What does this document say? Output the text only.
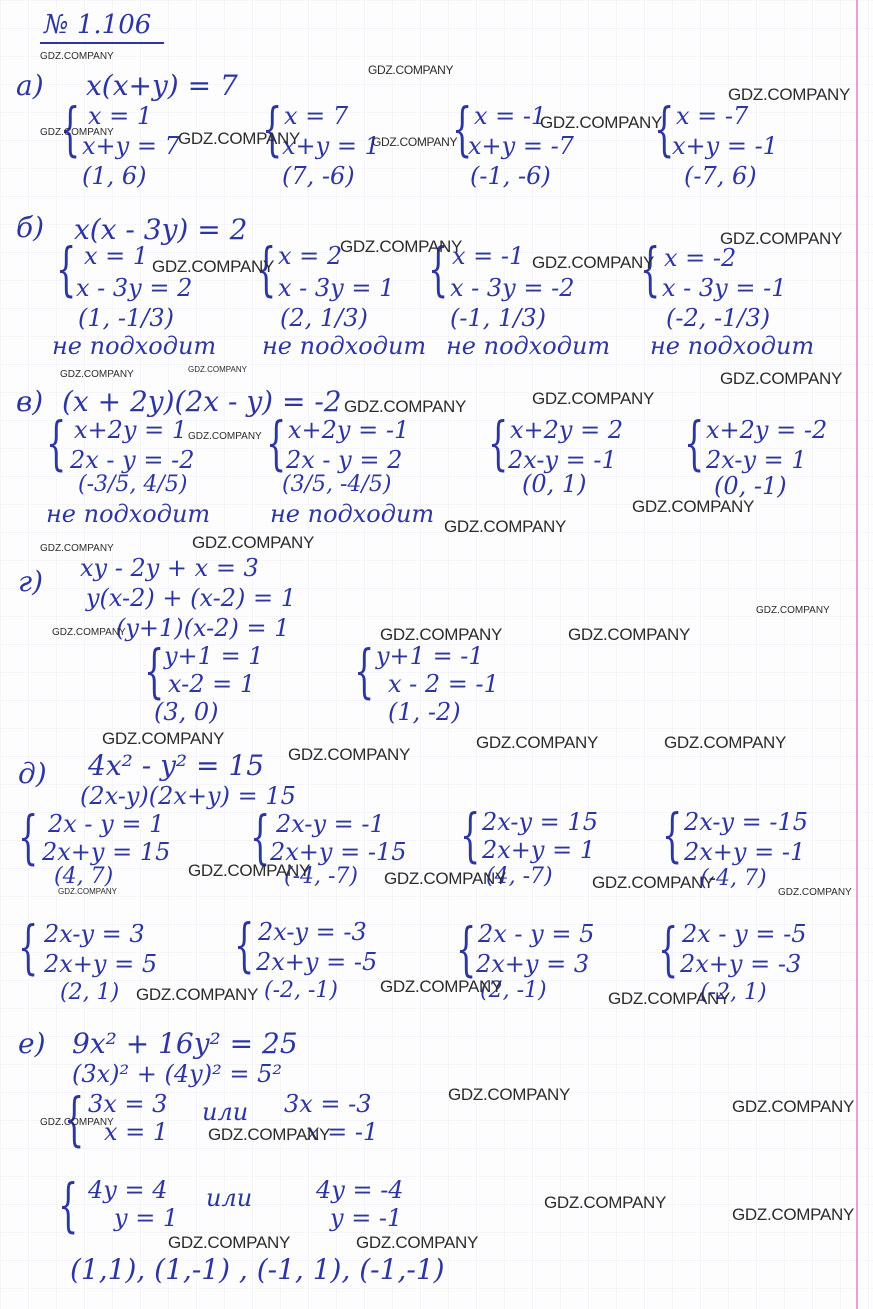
№ 1.106
а) x(x+y) = 7
{ x = 1
x+y = 7
(1, 6)
{ x = 7
x+y = 1
(7, -6)
{ x = -1
x+y = -7
(-1, -6)
{ x = -7
x+y = -1
(-7, 6)
б) x(x - 3y) = 2
{ x = 1
x - 3y = 2
(1, -1/3)
{ x = 2
x - 3y = 1
(2, 1/3)
{ x = -1
x - 3y = -2
(-1, 1/3)
{ x = -2
x - 3y = -1
(-2, -1/3)
не подходит не подходит не подходит не подходит
в) (x + 2y)(2x - y) = -2
{ x+2y = 1
2x - y = -2
(-3/5, 4/5)
{ x+2y = -1
2x - y = 2
(3/5, -4/5)
{ x+2y = 2
2x-y = -1
(0, 1)
{ x+2y = -2
2x-y = 1
(0, -1)
не подходит не подходит
г) xy - 2y + x = 3
y(x-2) + (x-2) = 1
(y+1)(x-2) = 1
{ y+1 = 1
x-2 = 1
(3, 0)
{ y+1 = -1
x - 2 = -1
(1, -2)
д) 4x² - y² = 15
(2x-y)(2x+y) = 15
{ 2x - y = 1
2x+y = 15
(4, 7)
{ 2x-y = -1
2x+y = -15
(-4, -7)
{ 2x-y = 15
2x+y = 1
(4, -7)
{ 2x-y = -15
2x+y = -1
(-4, 7)
{ 2x-y = 3
2x+y = 5
(2, 1)
{ 2x-y = -3
2x+y = -5
(-2, -1)
{ 2x - y = 5
2x+y = 3
(2, -1)
{ 2x - y = -5
2x+y = -3
(-2, 1)
е) 9x² + 16y² = 25
(3x)² + (4y)² = 5²
{ 3x = 3
x = 1
или 3x = -3
x = -1
{ 4y = 4
y = 1
или	4y = -4
y = -1
(1,1), (1,-1) , (-1, 1), (-1,-1)
GDZ.COMPANY
GDZ.COMPANY
GDZ.COMPANY
GDZ.COMPANY	GDZ.COMPANY	GDZ.COMPANY
GDZ.COMPANY
GDZ.COMPANY
GDZ.COMPANY
GDZ.COMPANY	GDZ.COMPANY
GDZ.COMPANY	GDZ.COMPANY	GDZ.COMPANY
GDZ.COMPANY
GDZ.COMPANY
GDZ.COMPANY
GDZ.COMPANY
GDZ.COMPANY
GDZ.COMPANY	GDZ.COMPANY
GDZ.COMPANY
GDZ.COMPANY	GDZ.COMPANY	GDZ.COMPANY
GDZ.COMPANY
GDZ.COMPANY
GDZ.COMPANY	GDZ.COMPANY
GDZ.COMPANY	GDZ.COMPANY	GDZ.COMPANY
GDZ.COMPANY	GDZ.COMPANY
GDZ.COMPANY	GDZ.COMPANY
GDZ.COMPANY
GDZ.COMPANY
GDZ.COMPANY
GDZ.COMPANY
GDZ.COMPANY
GDZ.COMPANY
GDZ.COMPANY
GDZ.COMPANY	GDZ.COMPANY
